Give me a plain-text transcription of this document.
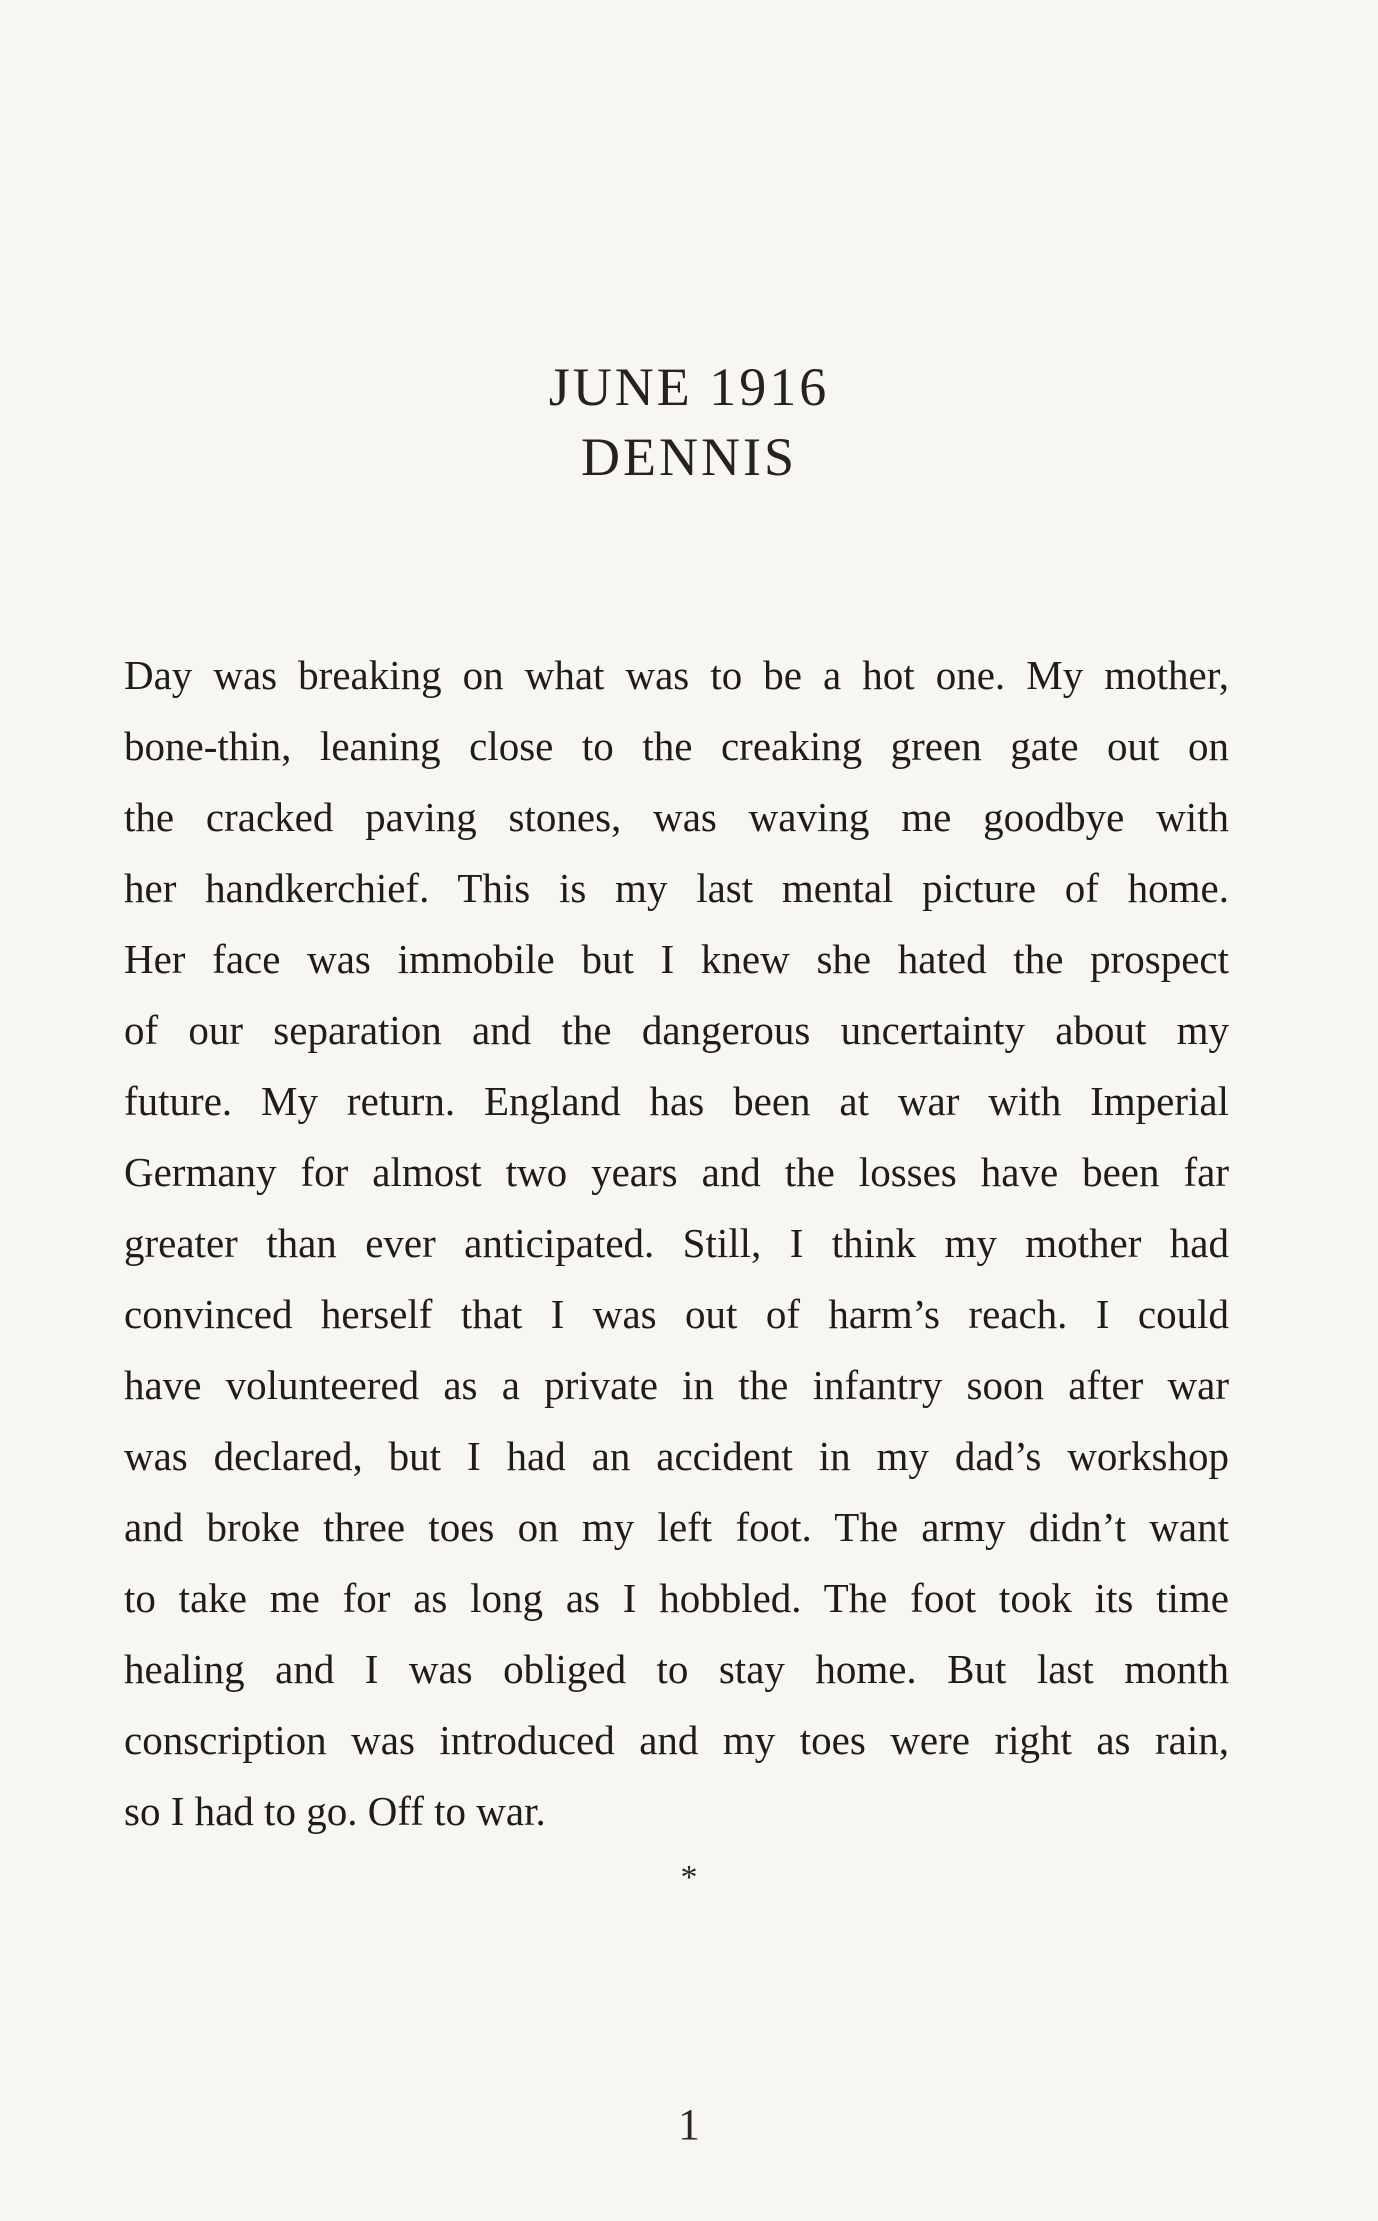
JUNE 1916
DENNIS
Day was breaking on what was to be a hot one. My mother,
bone-thin, leaning close to the creaking green gate out on
the cracked paving stones, was waving me goodbye with
her handkerchief. This is my last mental picture of home.
Her face was immobile but I knew she hated the prospect
of our separation and the dangerous uncertainty about my
future. My return. England has been at war with Imperial
Germany for almost two years and the losses have been far
greater than ever anticipated. Still, I think my mother had
convinced herself that I was out of harm’s reach. I could
have volunteered as a private in the infantry soon after war
was declared, but I had an accident in my dad’s workshop
and broke three toes on my left foot. The army didn’t want
to take me for as long as I hobbled. The foot took its time
healing and I was obliged to stay home. But last month
conscription was introduced and my toes were right as rain,
so I had to go. Off to war.
*
1
